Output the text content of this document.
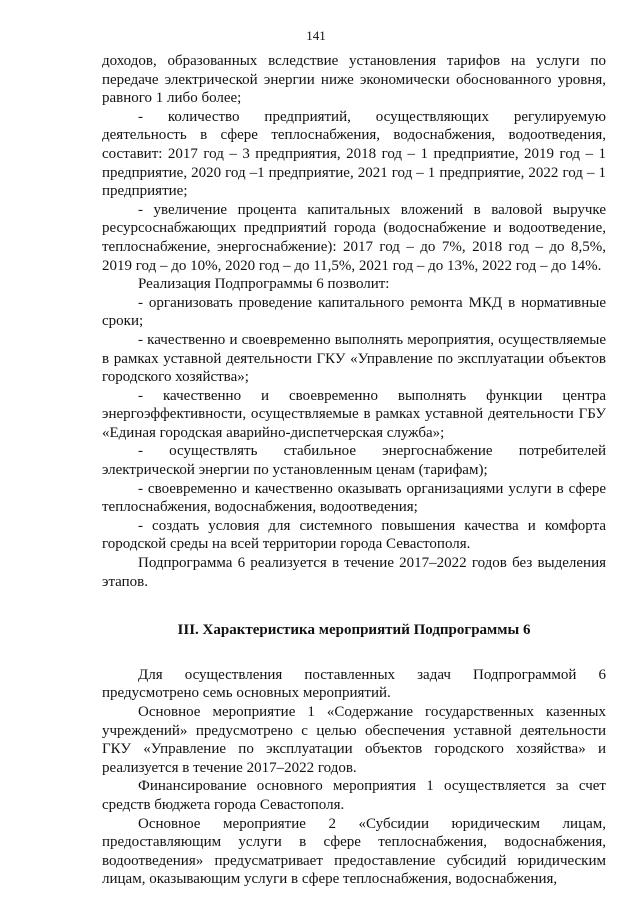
141

доходов, образованных вследствие установления тарифов на услуги по передаче электрической энергии ниже экономически обоснованного уровня, равного 1 либо более;

- количество предприятий, осуществляющих регулируемую деятельность в сфере теплоснабжения, водоснабжения, водоотведения, составит: 2017 год – 3 предприятия, 2018 год – 1 предприятие, 2019 год – 1 предприятие, 2020 год –1 предприятие, 2021 год – 1 предприятие, 2022 год – 1 предприятие;

- увеличение процента капитальных вложений в валовой выручке ресурсоснабжающих предприятий города (водоснабжение и водоотведение, теплоснабжение, энергоснабжение): 2017 год – до 7%, 2018 год – до 8,5%, 2019 год – до 10%, 2020 год – до 11,5%, 2021 год – до 13%, 2022 год – до 14%.

Реализация Подпрограммы 6 позволит:

- организовать проведение капитального ремонта МКД в нормативные сроки;

- качественно и своевременно выполнять мероприятия, осуществляемые в рамках уставной деятельности ГКУ «Управление по эксплуатации объектов городского хозяйства»;

- качественно и своевременно выполнять функции центра энергоэффективности, осуществляемые в рамках уставной деятельности ГБУ «Единая городская аварийно-диспетчерская служба»;

- осуществлять стабильное энергоснабжение потребителей электрической энергии по установленным ценам (тарифам);

- своевременно и качественно оказывать организациями услуги в сфере теплоснабжения, водоснабжения, водоотведения;

- создать условия для системного повышения качества и комфорта городской среды на всей территории города Севастополя.

Подпрограмма 6 реализуется в течение 2017–2022 годов без выделения этапов.

III. Характеристика мероприятий Подпрограммы 6

Для осуществления поставленных задач Подпрограммой 6 предусмотрено семь основных мероприятий.

Основное мероприятие 1 «Содержание государственных казенных учреждений» предусмотрено с целью обеспечения уставной деятельности ГКУ «Управление по эксплуатации объектов городского хозяйства» и реализуется в течение 2017–2022 годов.

Финансирование основного мероприятия 1 осуществляется за счет средств бюджета города Севастополя.

Основное мероприятие 2 «Субсидии юридическим лицам, предоставляющим услуги в сфере теплоснабжения, водоснабжения, водоотведения» предусматривает предоставление субсидий юридическим лицам, оказывающим услуги в сфере теплоснабжения, водоснабжения,
